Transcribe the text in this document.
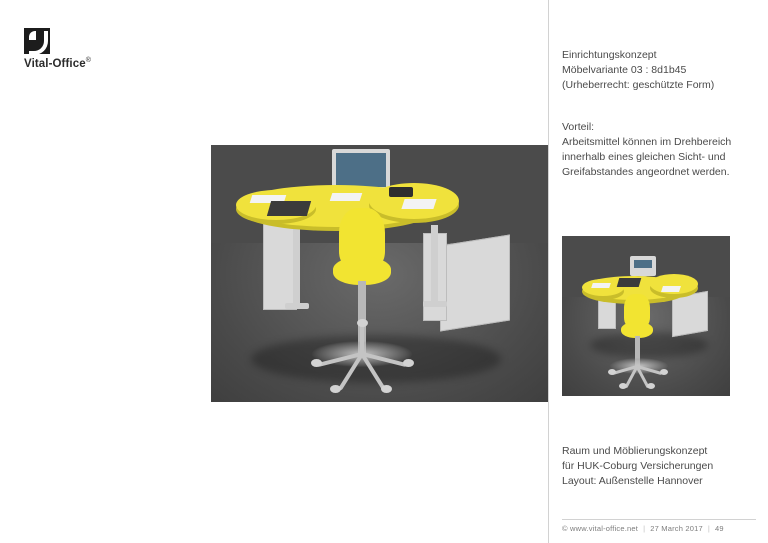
Vital-Office®	Einrichtungskonzept
Möbelvariante 03 : 8d1b45
(Urheberrecht: geschützte Form)
Vorteil:
Arbeitsmittel können im Drehbereich
innerhalb eines gleichen Sicht- und
Greifabstandes angeordnet werden.
Raum und Möblierungskonzept
für HUK-Coburg Versicherungen
Layout: Außenstelle Hannover
© www.vital-office.net | 27 March 2017 | 49
